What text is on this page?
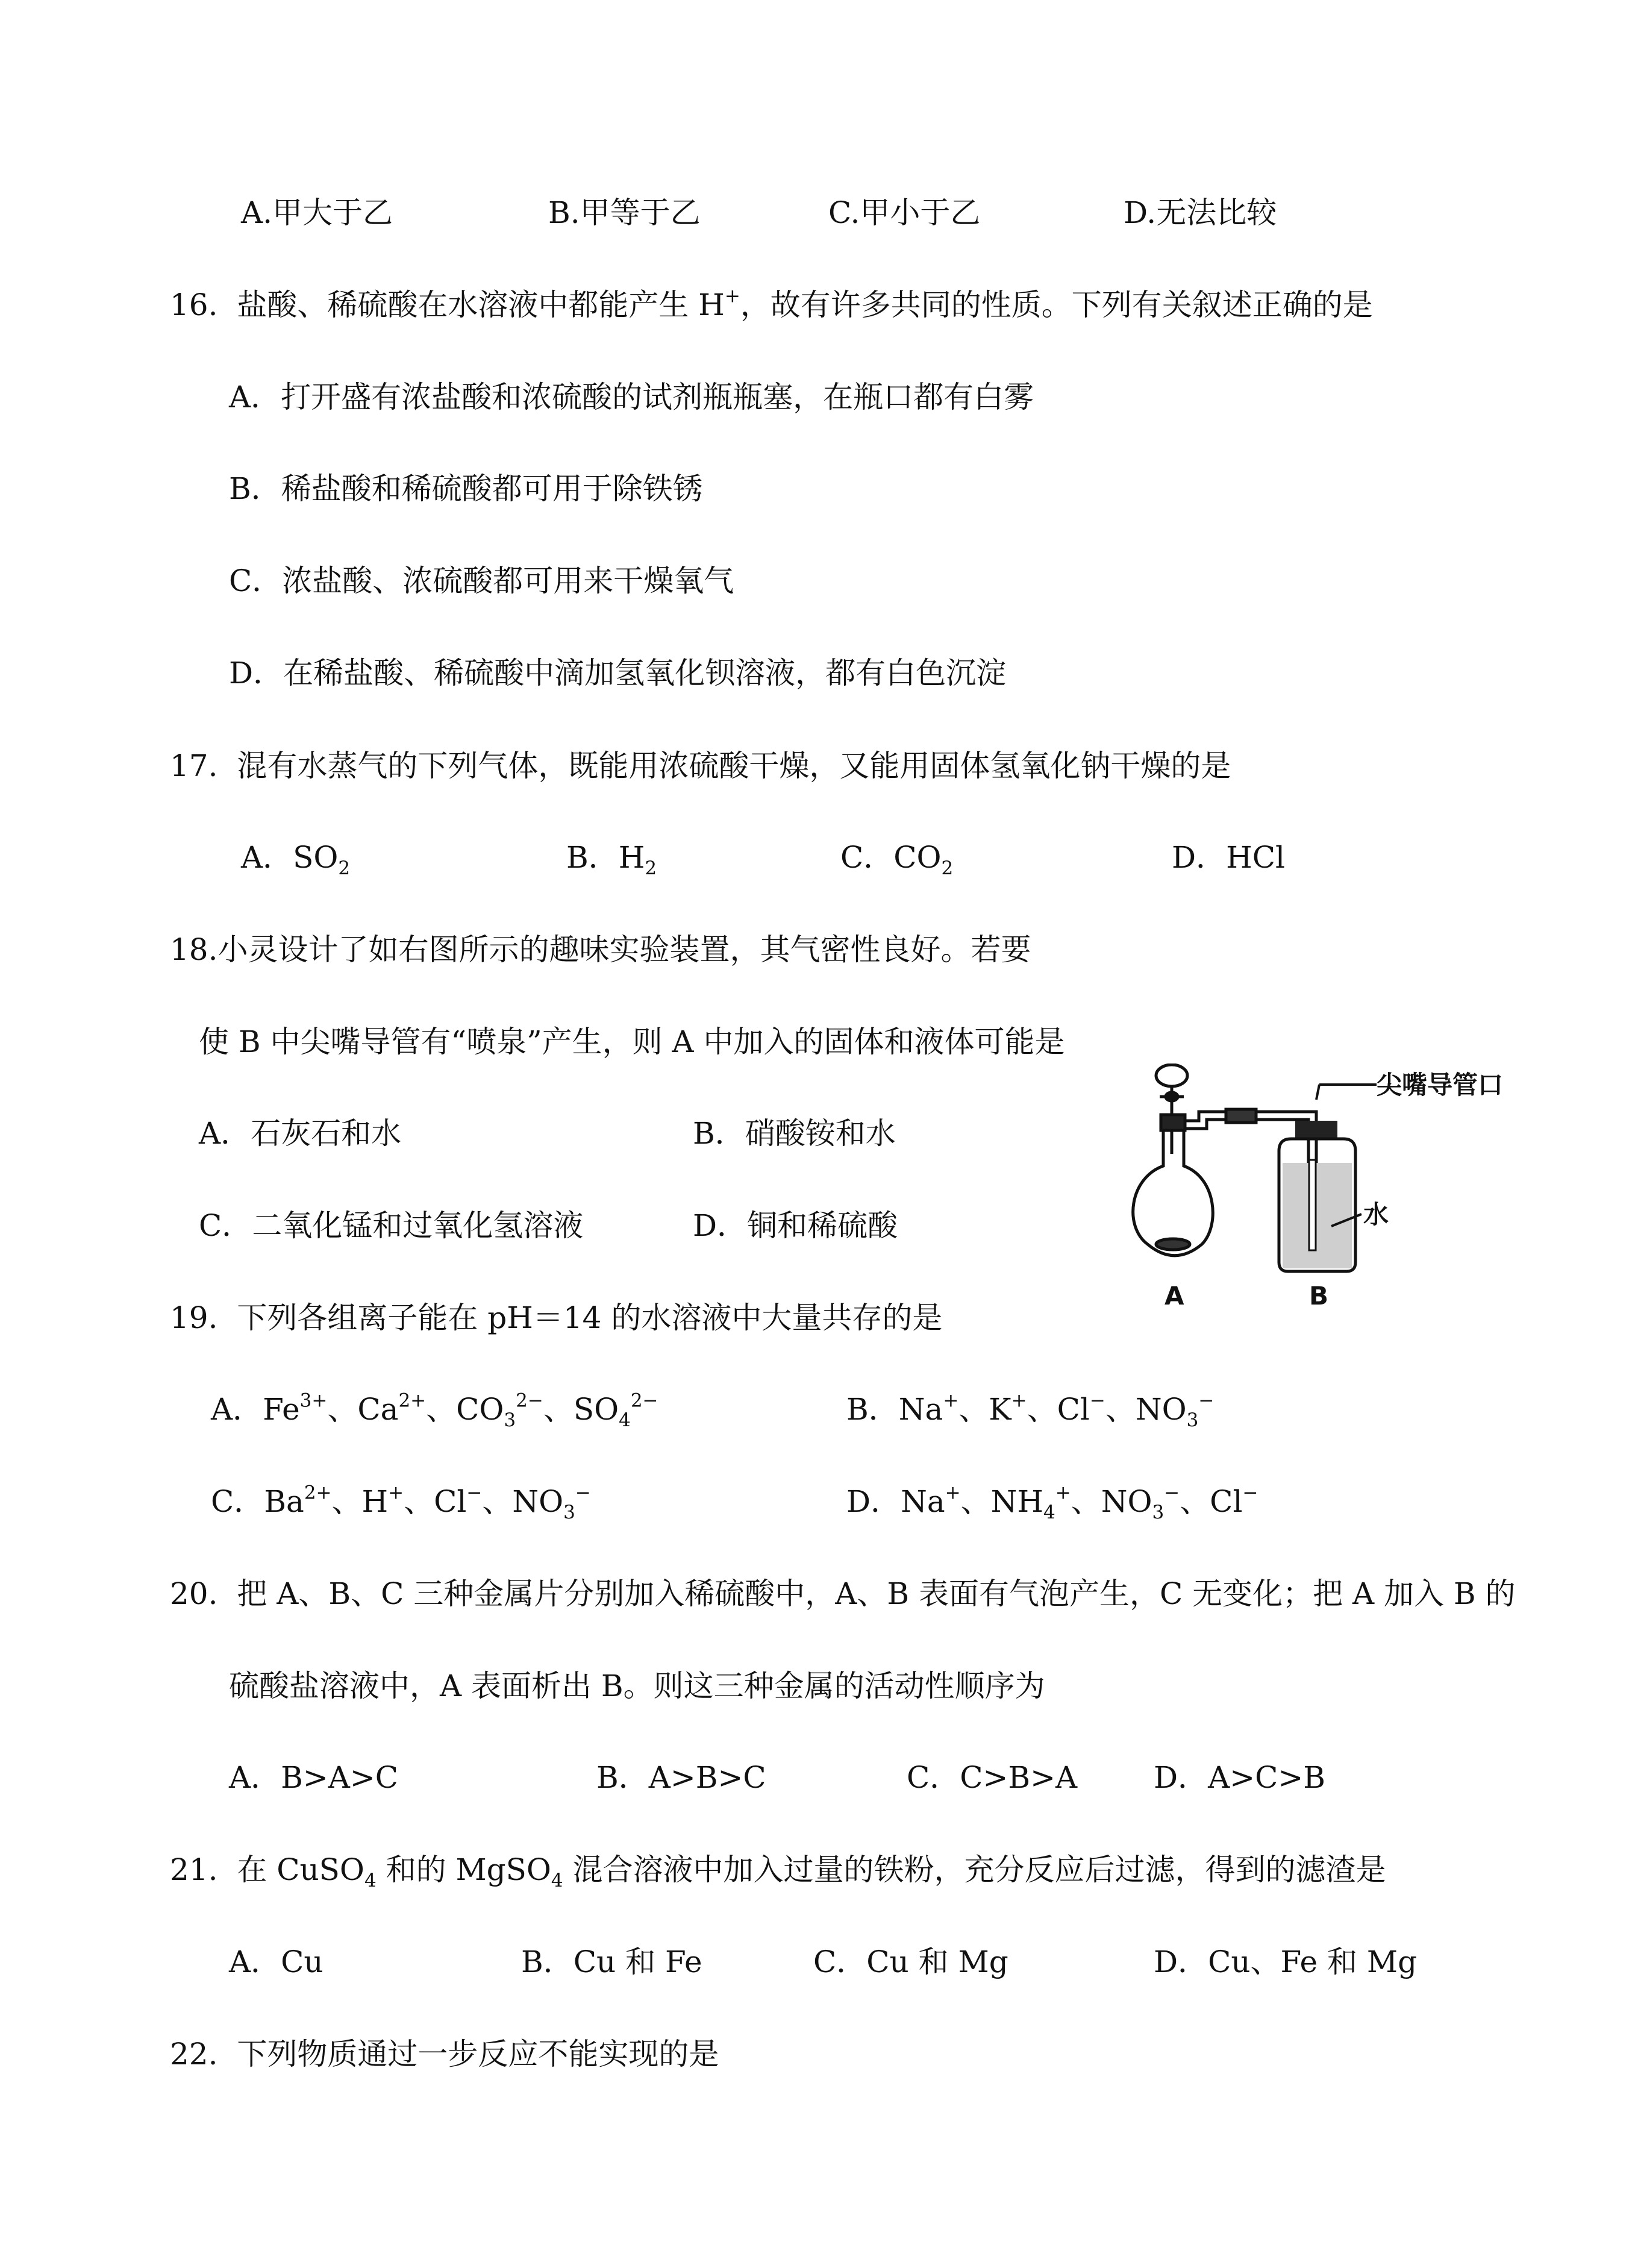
A.甲大于乙	B.甲等于乙	C.甲小于乙	D.无法比较
16. 盐酸、稀硫酸在水溶液中都能产生 H+，故有许多共同的性质。下列有关叙述正确的是
A．打开盛有浓盐酸和浓硫酸的试剂瓶瓶塞，在瓶口都有白雾
B．稀盐酸和稀硫酸都可用于除铁锈
C．浓盐酸、浓硫酸都可用来干燥氧气
D．在稀盐酸、稀硫酸中滴加氢氧化钡溶液，都有白色沉淀
17. 混有水蒸气的下列气体，既能用浓硫酸干燥，又能用固体氢氧化钠干燥的是
A．$SO_2$	B．$H_2$	C．$CO_2$	D．HCl
18.小灵设计了如右图所示的趣味实验装置，其气密性良好。若要
使 B 中尖嘴导管有“喷泉”产生，则 A 中加入的固体和液体可能是
A．石灰石和水	B．硝酸铵和水
C．二氧化锰和过氧化氢溶液	D．铜和稀硫酸
尖嘴导管口
水
A	B
19. 下列各组离子能在 pH＝14 的水溶液中大量共存的是
A．$Fe^{3+}$、$Ca^{2+}$、$CO_3^{2-}$、$SO_4^{2-}$	B．Na+、K+、Cl−、$NO_3^-$
C．$Ba^{2+}$、H+、Cl−、$NO_3^-$	D．Na+、$NH_4^+$、$NO_3^-$、Cl−
20. 把 A、B、C 三种金属片分别加入稀硫酸中，A、B 表面有气泡产生，C 无变化；把 A 加入 B 的
硫酸盐溶液中，A 表面析出 B。则这三种金属的活动性顺序为
A．B>A>C	B．A>B>C	C．C>B>A	D．A>C>B
21. 在 CuSO$_4$ 和的 MgSO$_4$ 混合溶液中加入过量的铁粉，充分反应后过滤，得到的滤渣是
A．Cu	B．Cu 和 Fe	C．Cu 和 Mg	D．Cu、Fe 和 Mg
22. 下列物质通过一步反应不能实现的是
